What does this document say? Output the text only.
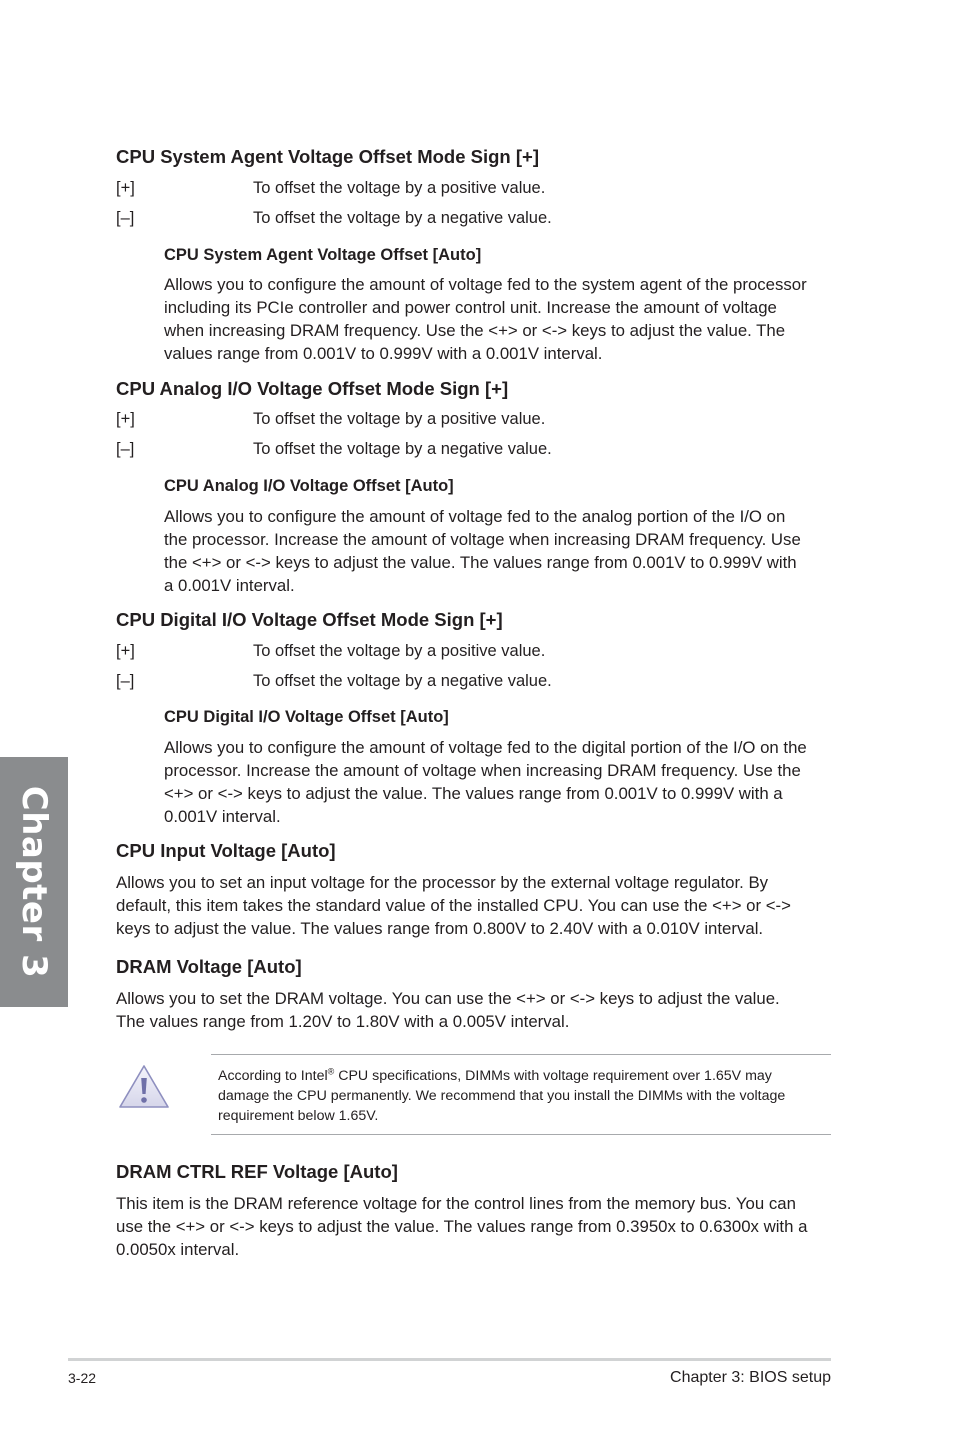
CPU System Agent Voltage Offset Mode Sign [+]
[+]	To offset the voltage by a positive value.
[–]	To offset the voltage by a negative value.
CPU System Agent Voltage Offset [Auto]
Allows you to configure the amount of voltage fed to the system agent of the processor
including its PCIe controller and power control unit. Increase the amount of voltage
when increasing DRAM frequency. Use the <+> or <-> keys to adjust the value. The
values range from 0.001V to 0.999V with a 0.001V interval.
CPU Analog I/O Voltage Offset Mode Sign [+]
[+]	To offset the voltage by a positive value.
[–]	To offset the voltage by a negative value.
CPU Analog I/O Voltage Offset [Auto]
Allows you to configure the amount of voltage fed to the analog portion of the I/O on
the processor. Increase the amount of voltage when increasing DRAM frequency. Use
the <+> or <-> keys to adjust the value. The values range from 0.001V to 0.999V with
a 0.001V interval.
CPU Digital I/O Voltage Offset Mode Sign [+]
[+]	To offset the voltage by a positive value.
[–]	To offset the voltage by a negative value.
CPU Digital I/O Voltage Offset [Auto]
Allows you to configure the amount of voltage fed to the digital portion of the I/O on the
processor. Increase the amount of voltage when increasing DRAM frequency. Use the
<+> or <-> keys to adjust the value. The values range from 0.001V to 0.999V with a
0.001V interval.
CPU Input Voltage [Auto]
Allows you to set an input voltage for the processor by the external voltage regulator. By
default, this item takes the standard value of the installed CPU. You can use the <+> or <->
keys to adjust the value. The values range from 0.800V to 2.40V with a 0.010V interval.
DRAM Voltage [Auto]
Allows you to set the DRAM voltage. You can use the <+> or <-> keys to adjust the value.
The values range from 1.20V to 1.80V with a 0.005V interval.
According to Intel® CPU specifications, DIMMs with voltage requirement over 1.65V may
damage the CPU permanently. We recommend that you install the DIMMs with the voltage
requirement below 1.65V.
DRAM CTRL REF Voltage [Auto]
This item is the DRAM reference voltage for the control lines from the memory bus. You can
use the <+> or <-> keys to adjust the value. The values range from 0.3950x to 0.6300x with a
0.0050x interval.
Chapter 3
3-22	Chapter 3: BIOS setup
